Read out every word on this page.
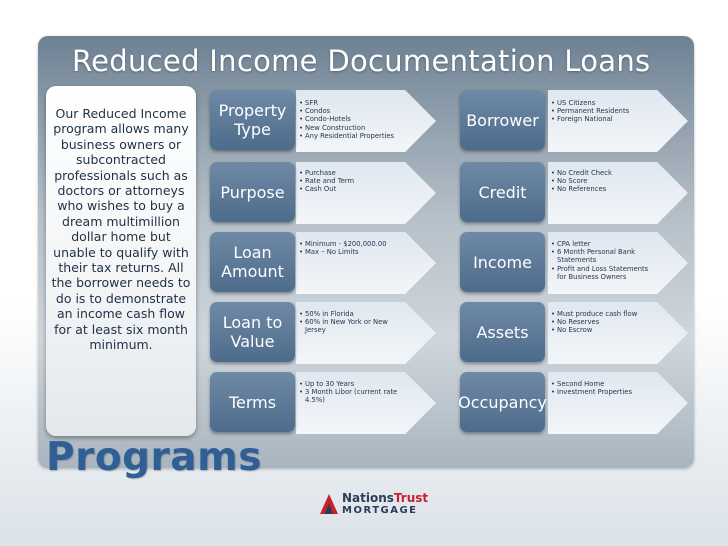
Reduced Income Documentation Loans
Our Reduced Income program allows many business owners or subcontracted professionals such as doctors or attorneys who wishes to buy a dream multimillion dollar home but unable to qualify with their tax returns. All the borrower needs to do is to demonstrate an income cash flow for at least six month minimum.
Programs
Property Type
• SFR
• Condos
• Condo-Hotels
• New Construction
• Any Residential Properties
Purpose
• Purchase
• Rate and Term
• Cash Out
Loan Amount
• Minimum - $200,000.00
• Max – No Limits
Loan to Value
• 50% in Florida
• 60% in New York or New Jersey
Terms
• Up to 30 Years
• 3 Month Libor (current rate 4.5%)
Borrower
• US Citizens
• Permanent Residents
• Foreign National
Credit
• No Credit Check
• No Score
• No References
Income
• CPA letter
• 6 Month Personal Bank Statements
• Profit and Loss Statements for Business Owners
Assets
• Must produce cash flow
• No Reserves
• No Escrow
Occupancy
• Second Home
• Investment Properties
NationsTrust
MORTGAGE
